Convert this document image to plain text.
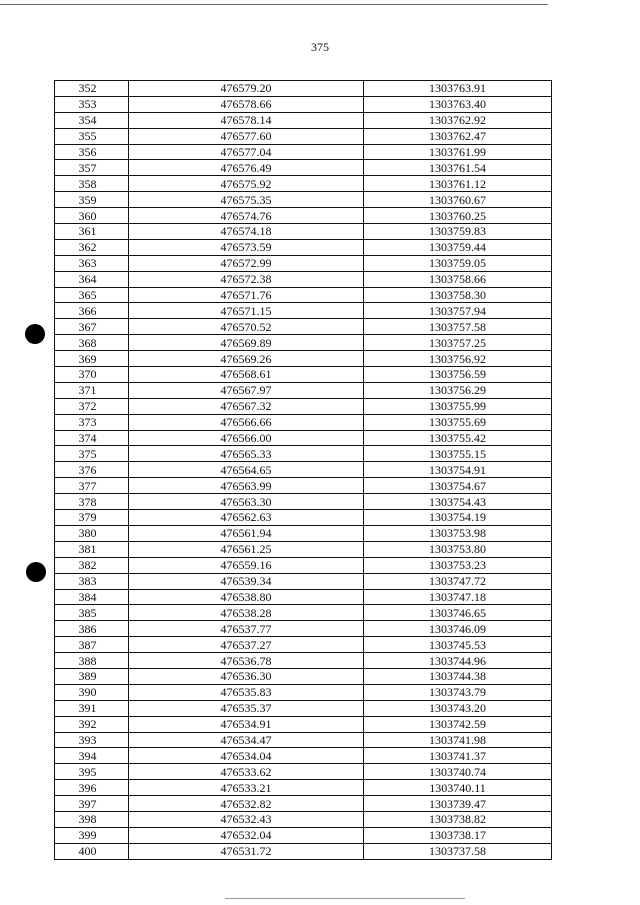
375
352	476579.20	1303763.91
353	476578.66	1303763.40
354	476578.14	1303762.92
355	476577.60	1303762.47
356	476577.04	1303761.99
357	476576.49	1303761.54
358	476575.92	1303761.12
359	476575.35	1303760.67
360	476574.76	1303760.25
361	476574.18	1303759.83
362	476573.59	1303759.44
363	476572.99	1303759.05
364	476572.38	1303758.66
365	476571.76	1303758.30
366	476571.15	1303757.94
367	476570.52	1303757.58
368	476569.89	1303757.25
369	476569.26	1303756.92
370	476568.61	1303756.59
371	476567.97	1303756.29
372	476567.32	1303755.99
373	476566.66	1303755.69
374	476566.00	1303755.42
375	476565.33	1303755.15
376	476564.65	1303754.91
377	476563.99	1303754.67
378	476563.30	1303754.43
379	476562.63	1303754.19
380	476561.94	1303753.98
381	476561.25	1303753.80
382	476559.16	1303753.23
383	476539.34	1303747.72
384	476538.80	1303747.18
385	476538.28	1303746.65
386	476537.77	1303746.09
387	476537.27	1303745.53
388	476536.78	1303744.96
389	476536.30	1303744.38
390	476535.83	1303743.79
391	476535.37	1303743.20
392	476534.91	1303742.59
393	476534.47	1303741.98
394	476534.04	1303741.37
395	476533.62	1303740.74
396	476533.21	1303740.11
397	476532.82	1303739.47
398	476532.43	1303738.82
399	476532.04	1303738.17
400	476531.72	1303737.58
